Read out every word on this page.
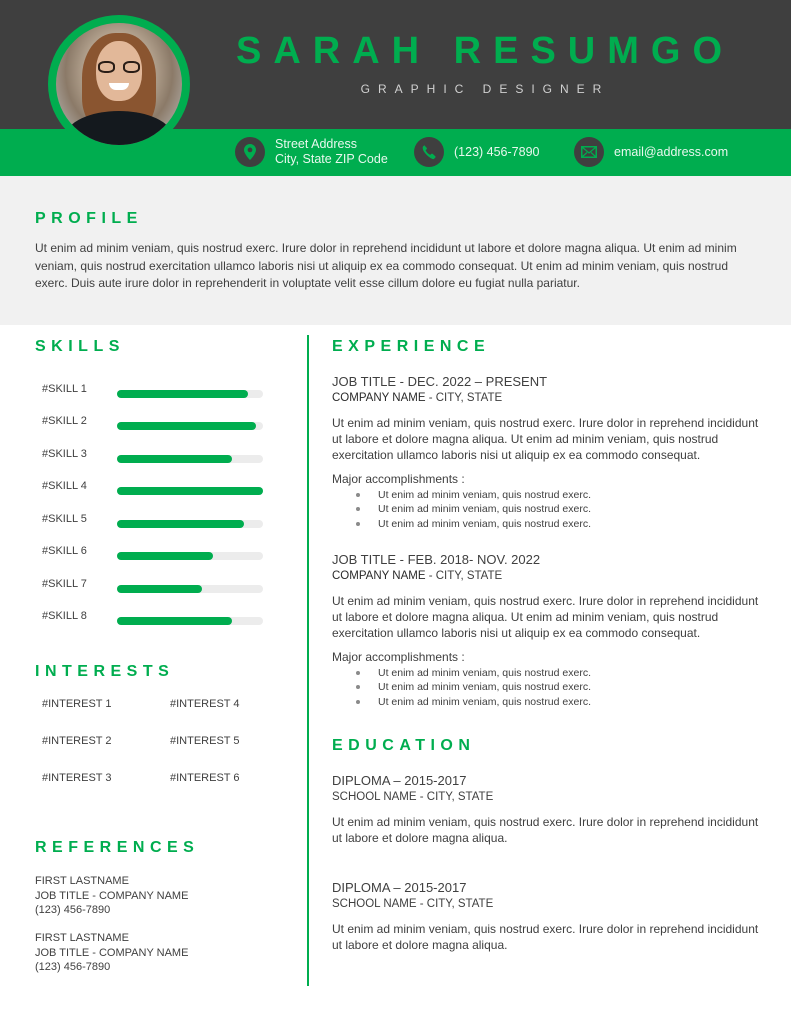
SARAH RESUMGO
GRAPHIC DESIGNER
Street Address
City, State ZIP Code
(123) 456-7890	email@address.com
PROFILE
Ut enim ad minim veniam, quis nostrud exerc. Irure dolor in reprehend incididunt ut labore et dolore magna aliqua. Ut enim ad minim veniam, quis nostrud exercitation ullamco laboris nisi ut aliquip ex ea commodo consequat. Ut enim ad minim veniam, quis nostrud exerc. Duis aute irure dolor in reprehenderit in voluptate velit esse cillum dolore eu fugiat nulla pariatur.
SKILLS
#SKILL 1
#SKILL 2
#SKILL 3
#SKILL 4
#SKILL 5
#SKILL 6
#SKILL 7
#SKILL 8
INTERESTS
#INTEREST 1
#INTEREST 2
#INTEREST 3
#INTEREST 4
#INTEREST 5
#INTEREST 6
REFERENCES
FIRST LASTNAME
JOB TITLE - COMPANY NAME
(123) 456-7890
FIRST LASTNAME
JOB TITLE - COMPANY NAME
(123) 456-7890
EXPERIENCE
JOB TITLE - DEC. 2022 – PRESENT
COMPANY NAME - CITY, STATE
Ut enim ad minim veniam, quis nostrud exerc. Irure dolor in reprehend incididunt ut labore et dolore magna aliqua. Ut enim ad minim veniam, quis nostrud exercitation ullamco laboris nisi ut aliquip ex ea commodo consequat.
Major accomplishments :
Ut enim ad minim veniam, quis nostrud exerc.
Ut enim ad minim veniam, quis nostrud exerc.
Ut enim ad minim veniam, quis nostrud exerc.
JOB TITLE - FEB. 2018- NOV. 2022
COMPANY NAME - CITY, STATE
Ut enim ad minim veniam, quis nostrud exerc. Irure dolor in reprehend incididunt ut labore et dolore magna aliqua. Ut enim ad minim veniam, quis nostrud exercitation ullamco laboris nisi ut aliquip ex ea commodo consequat.
Major accomplishments :
Ut enim ad minim veniam, quis nostrud exerc.
Ut enim ad minim veniam, quis nostrud exerc.
Ut enim ad minim veniam, quis nostrud exerc.
EDUCATION
DIPLOMA – 2015-2017
SCHOOL NAME - CITY, STATE
Ut enim ad minim veniam, quis nostrud exerc. Irure dolor in reprehend incididunt ut labore et dolore magna aliqua.
DIPLOMA – 2015-2017
SCHOOL NAME - CITY, STATE
Ut enim ad minim veniam, quis nostrud exerc. Irure dolor in reprehend incididunt ut labore et dolore magna aliqua.
